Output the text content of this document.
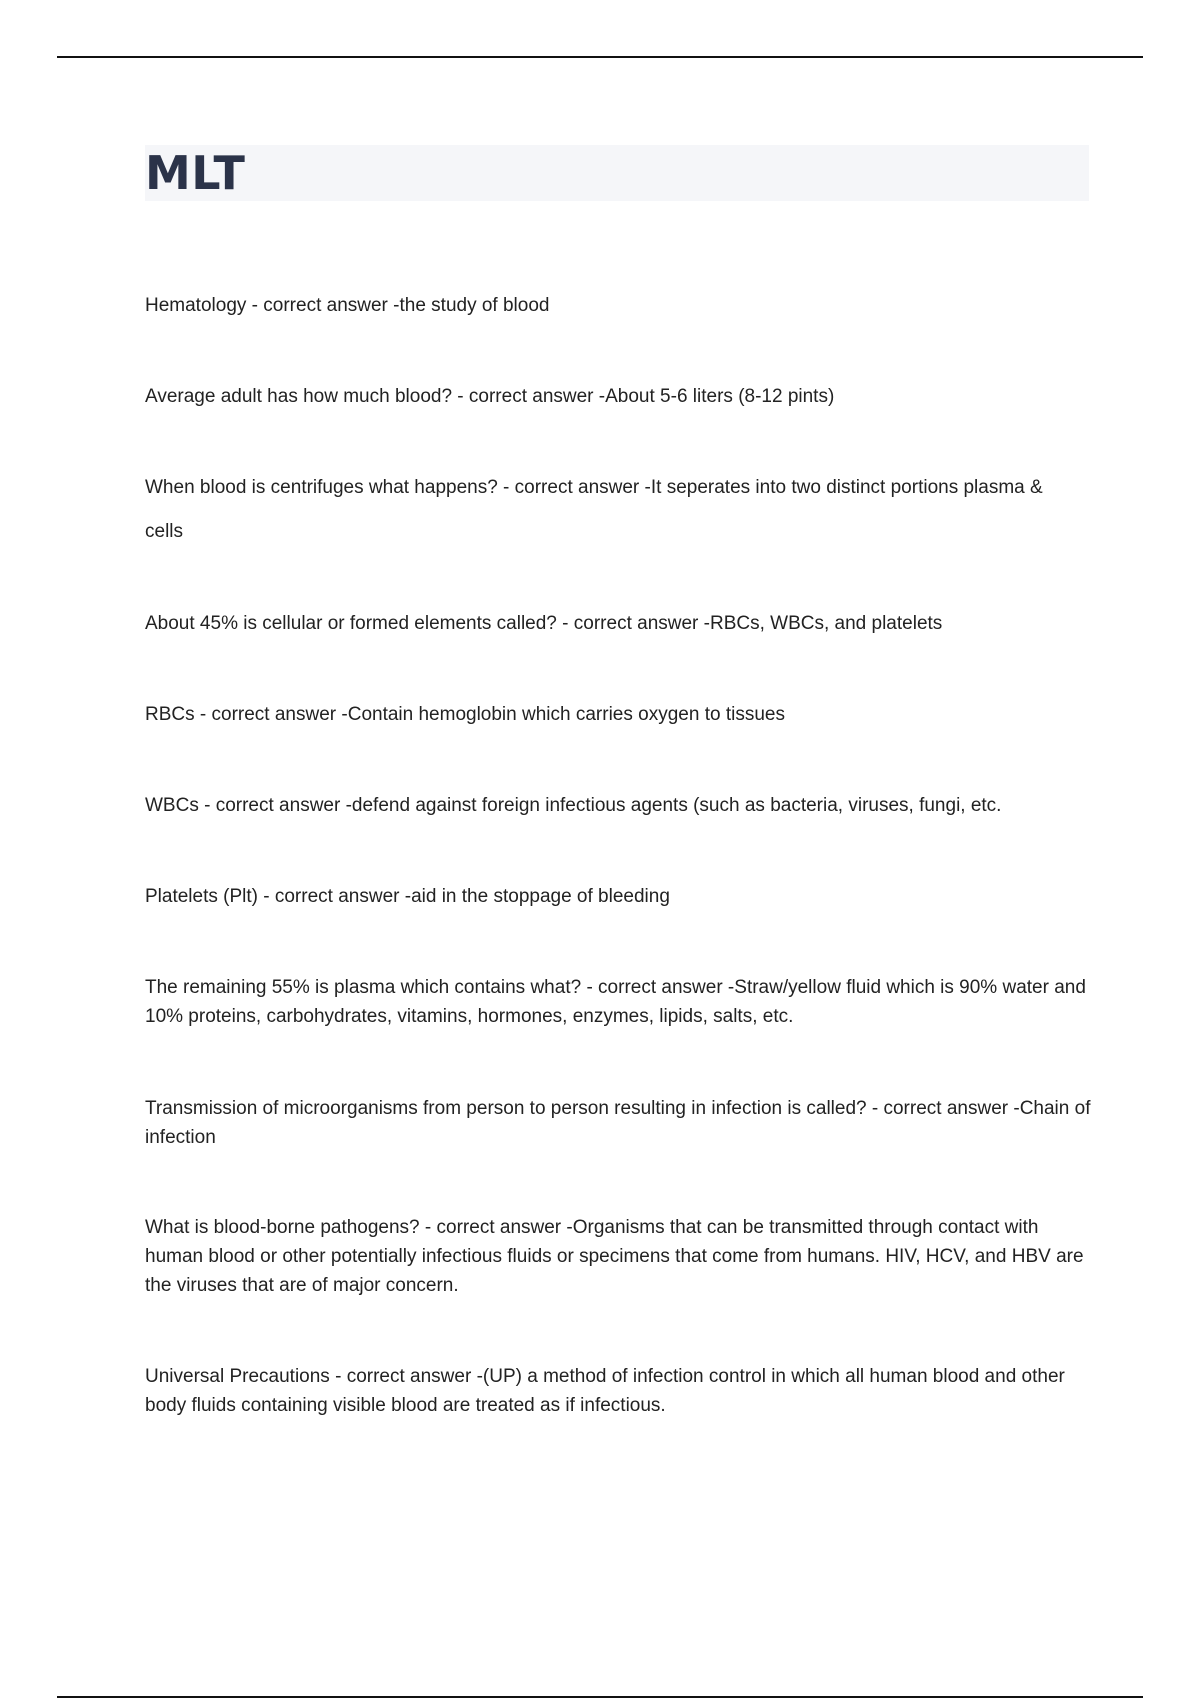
MLT
Hematology - correct answer -the study of blood
Average adult has how much blood? - correct answer -About 5-6 liters (8-12 pints)
When blood is centrifuges what happens? - correct answer -It seperates into two distinct portions plasma & cells
About 45% is cellular or formed elements called? - correct answer -RBCs, WBCs, and platelets
RBCs - correct answer -Contain hemoglobin which carries oxygen to tissues
WBCs - correct answer -defend against foreign infectious agents (such as bacteria, viruses, fungi, etc.
Platelets (Plt) - correct answer -aid in the stoppage of bleeding
The remaining 55% is plasma which contains what? - correct answer -Straw/yellow fluid which is 90% water and 10% proteins, carbohydrates, vitamins, hormones, enzymes, lipids, salts, etc.
Transmission of microorganisms from person to person resulting in infection is called? - correct answer -Chain of infection
What is blood-borne pathogens? - correct answer -Organisms that can be transmitted through contact with human blood or other potentially infectious fluids or specimens that come from humans. HIV, HCV, and HBV are the viruses that are of major concern.
Universal Precautions - correct answer -(UP) a method of infection control in which all human blood and other body fluids containing visible blood are treated as if infectious.
